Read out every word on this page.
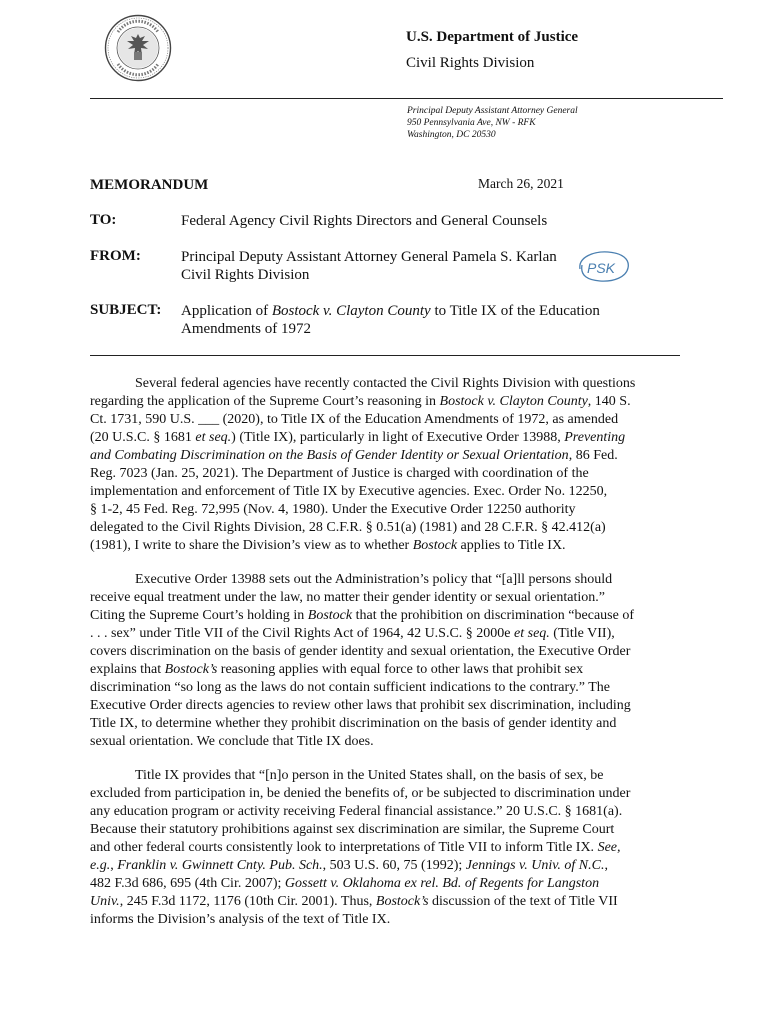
U.S. Department of Justice
Civil Rights Division
Principal Deputy Assistant Attorney General
950 Pennsylvania Ave, NW - RFK
Washington, DC 20530
MEMORANDUM	March 26, 2021
TO:	Federal Agency Civil Rights Directors and General Counsels
FROM:	Principal Deputy Assistant Attorney General Pamela S. Karlan
Civil Rights Division	PSK
SUBJECT: Application of Bostock v. Clayton County to Title IX of the Education
Amendments of 1972
Several federal agencies have recently contacted the Civil Rights Division with questions
regarding the application of the Supreme Court’s reasoning in Bostock v. Clayton County, 140 S.
Ct. 1731, 590 U.S. ___ (2020), to Title IX of the Education Amendments of 1972, as amended
(20 U.S.C. § 1681 et seq.) (Title IX), particularly in light of Executive Order 13988, Preventing
and Combating Discrimination on the Basis of Gender Identity or Sexual Orientation, 86 Fed.
Reg. 7023 (Jan. 25, 2021). The Department of Justice is charged with coordination of the
implementation and enforcement of Title IX by Executive agencies. Exec. Order No. 12250,
§ 1-2, 45 Fed. Reg. 72,995 (Nov. 4, 1980). Under the Executive Order 12250 authority
delegated to the Civil Rights Division, 28 C.F.R. § 0.51(a) (1981) and 28 C.F.R. § 42.412(a)
(1981), I write to share the Division’s view as to whether Bostock applies to Title IX.
Executive Order 13988 sets out the Administration’s policy that “[a]ll persons should
receive equal treatment under the law, no matter their gender identity or sexual orientation.”
Citing the Supreme Court’s holding in Bostock that the prohibition on discrimination “because of
. . . sex” under Title VII of the Civil Rights Act of 1964, 42 U.S.C. § 2000e et seq. (Title VII),
covers discrimination on the basis of gender identity and sexual orientation, the Executive Order
explains that Bostock’s reasoning applies with equal force to other laws that prohibit sex
discrimination “so long as the laws do not contain sufficient indications to the contrary.” The
Executive Order directs agencies to review other laws that prohibit sex discrimination, including
Title IX, to determine whether they prohibit discrimination on the basis of gender identity and
sexual orientation. We conclude that Title IX does.
Title IX provides that “[n]o person in the United States shall, on the basis of sex, be
excluded from participation in, be denied the benefits of, or be subjected to discrimination under
any education program or activity receiving Federal financial assistance.” 20 U.S.C. § 1681(a).
Because their statutory prohibitions against sex discrimination are similar, the Supreme Court
and other federal courts consistently look to interpretations of Title VII to inform Title IX. See,
e.g., Franklin v. Gwinnett Cnty. Pub. Sch., 503 U.S. 60, 75 (1992); Jennings v. Univ. of N.C.,
482 F.3d 686, 695 (4th Cir. 2007); Gossett v. Oklahoma ex rel. Bd. of Regents for Langston
Univ., 245 F.3d 1172, 1176 (10th Cir. 2001). Thus, Bostock’s discussion of the text of Title VII
informs the Division’s analysis of the text of Title IX.
